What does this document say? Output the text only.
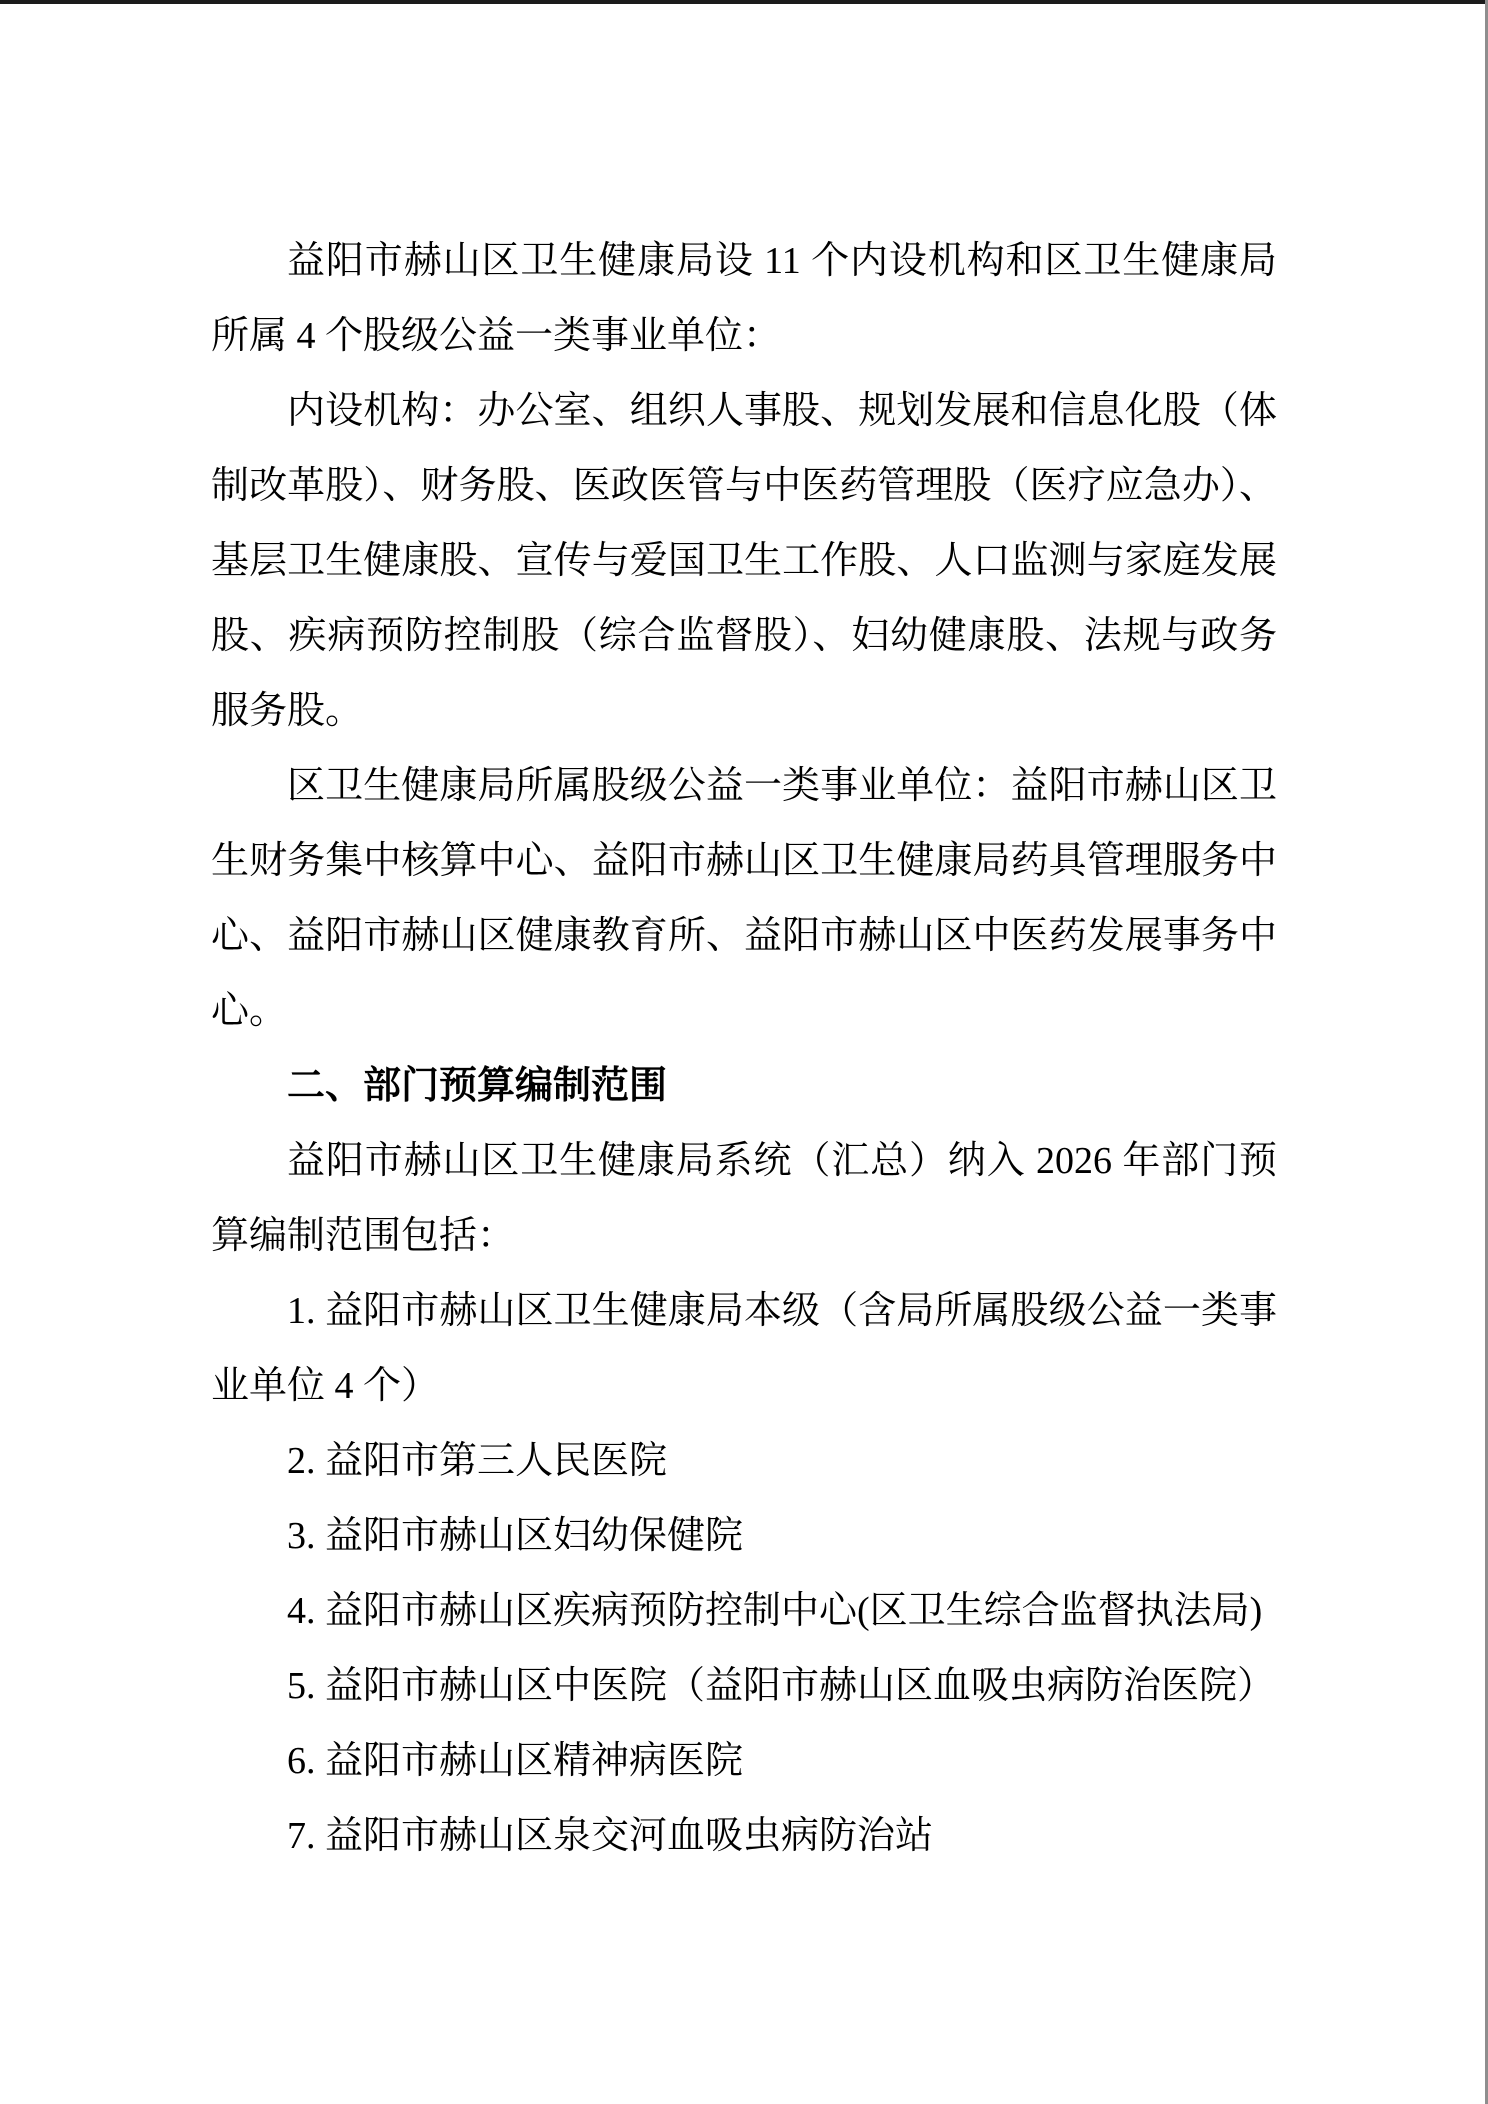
益阳市赫山区卫生健康局设 11 个内设机构和区卫生健康局所属 4 个股级公益一类事业单位：

内设机构：办公室、组织人事股、规划发展和信息化股（体制改革股）、财务股、医政医管与中医药管理股（医疗应急办）、基层卫生健康股、宣传与爱国卫生工作股、人口监测与家庭发展股、疾病预防控制股（综合监督股）、妇幼健康股、法规与政务服务股。

区卫生健康局所属股级公益一类事业单位：益阳市赫山区卫生财务集中核算中心、益阳市赫山区卫生健康局药具管理服务中心、益阳市赫山区健康教育所、益阳市赫山区中医药发展事务中心。

二、部门预算编制范围

益阳市赫山区卫生健康局系统（汇总）纳入 2026 年部门预算编制范围包括：

1. 益阳市赫山区卫生健康局本级（含局所属股级公益一类事业单位 4 个）

2. 益阳市第三人民医院

3. 益阳市赫山区妇幼保健院

4. 益阳市赫山区疾病预防控制中心(区卫生综合监督执法局)

5. 益阳市赫山区中医院（益阳市赫山区血吸虫病防治医院）

6. 益阳市赫山区精神病医院

7. 益阳市赫山区泉交河血吸虫病防治站
